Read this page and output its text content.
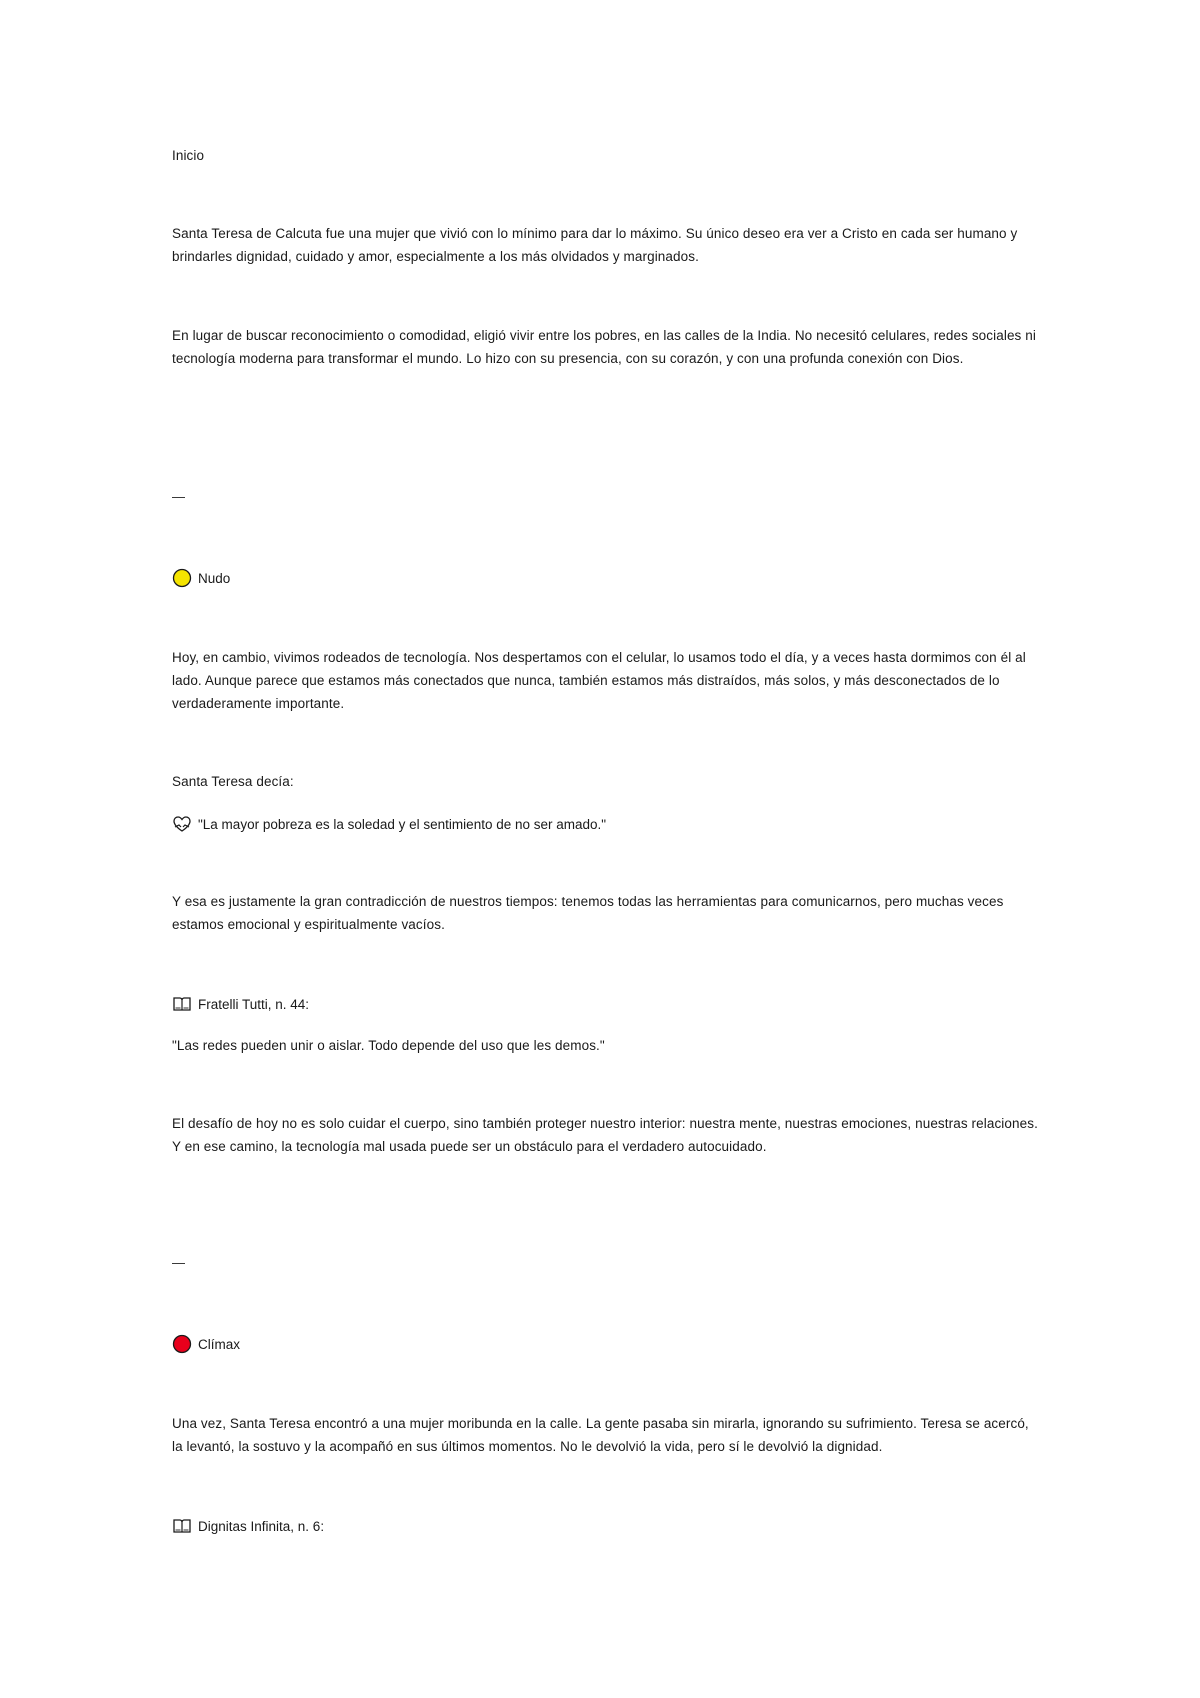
Inicio

Santa Teresa de Calcuta fue una mujer que vivió con lo mínimo para dar lo máximo. Su único deseo era ver a Cristo en cada ser humano y brindarles dignidad, cuidado y amor, especialmente a los más olvidados y marginados.

En lugar de buscar reconocimiento o comodidad, eligió vivir entre los pobres, en las calles de la India. No necesitó celulares, redes sociales ni tecnología moderna para transformar el mundo. Lo hizo con su presencia, con su corazón, y con una profunda conexión con Dios.

—
Nudo

Hoy, en cambio, vivimos rodeados de tecnología. Nos despertamos con el celular, lo usamos todo el día, y a veces hasta dormimos con él al lado. Aunque parece que estamos más conectados que nunca, también estamos más distraídos, más solos, y más desconectados de lo verdaderamente importante.

Santa Teresa decía:

"La mayor pobreza es la soledad y el sentimiento de no ser amado."

Y esa es justamente la gran contradicción de nuestros tiempos: tenemos todas las herramientas para comunicarnos, pero muchas veces estamos emocional y espiritualmente vacíos.

Fratelli Tutti, n. 44:

"Las redes pueden unir o aislar. Todo depende del uso que les demos."

El desafío de hoy no es solo cuidar el cuerpo, sino también proteger nuestro interior: nuestra mente, nuestras emociones, nuestras relaciones. Y en ese camino, la tecnología mal usada puede ser un obstáculo para el verdadero autocuidado.

—
Clímax

Una vez, Santa Teresa encontró a una mujer moribunda en la calle. La gente pasaba sin mirarla, ignorando su sufrimiento. Teresa se acercó, la levantó, la sostuvo y la acompañó en sus últimos momentos. No le devolvió la vida, pero sí le devolvió la dignidad.

Dignitas Infinita, n. 6:
